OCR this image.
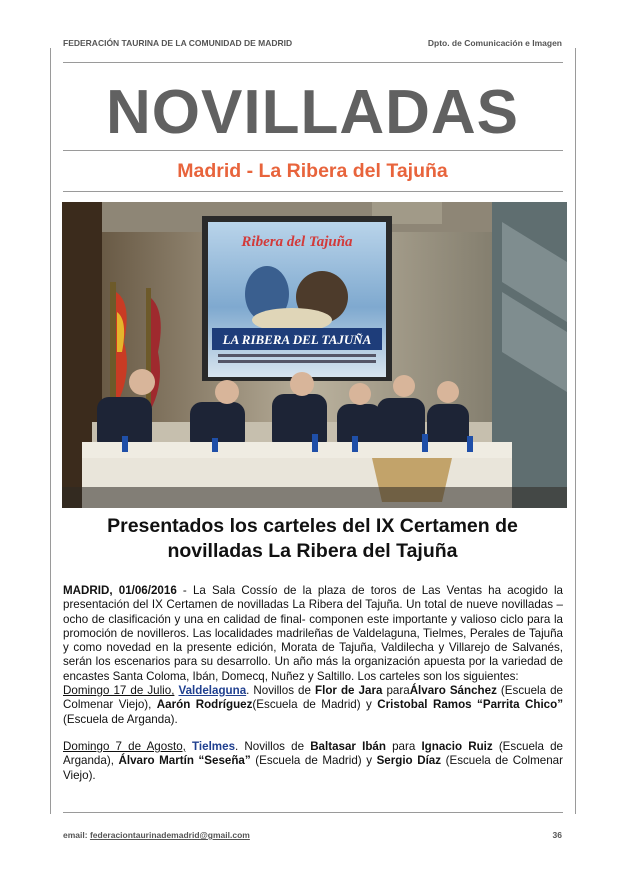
FEDERACIÓN TAURINA DE LA COMUNIDAD DE MADRID	Dpto. de Comunicación e Imagen
NOVILLADAS
Madrid - La Ribera del Tajuña
Ribera del Tajuña
LA RIBERA DEL TAJUÑA
Presentados los carteles del IX Certamen de novilladas La Ribera del Tajuña

MADRID, 01/06/2016 - La Sala Cossío de la plaza de toros de Las Ventas ha acogido la presentación del IX Certamen de novilladas La Ribera del Tajuña. Un total de nueve novilladas – ocho de clasificación y una en calidad de final- componen este importante y valioso ciclo para la promoción de novilleros. Las localidades madrileñas de Valdelaguna, Tielmes, Perales de Tajuña y como novedad en la presente edición, Morata de Tajuña, Valdilecha y Villarejo de Salvanés, serán los escenarios para su desarrollo. Un año más la organización apuesta por la variedad de encastes Santa Coloma, Ibán, Domecq, Nuñez y Saltillo. Los carteles son los siguientes:

Domingo 17 de Julio, Valdelaguna. Novillos de Flor de Jara paraÁlvaro Sánchez (Escuela de Colmenar Viejo), Aarón Rodríguez(Escuela de Madrid) y Cristobal Ramos “Parrita Chico” (Escuela de Arganda).

Domingo 7 de Agosto, Tielmes. Novillos de Baltasar Ibán para Ignacio Ruiz (Escuela de Arganda), Álvaro Martín “Seseña” (Escuela de Madrid) y Sergio Díaz (Escuela de Colmenar Viejo).

email: federaciontaurinademadrid@gmail.com	36
